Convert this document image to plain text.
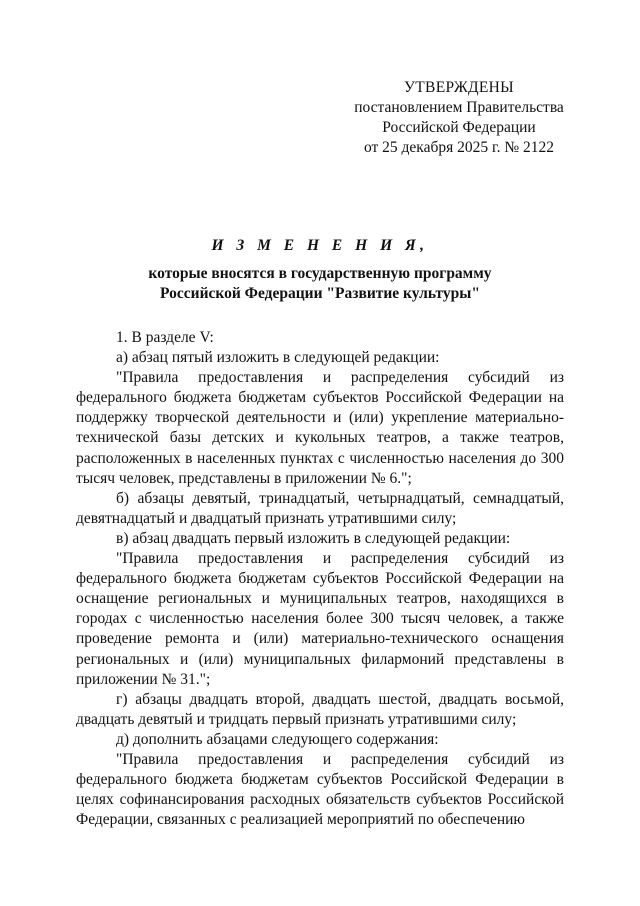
УТВЕРЖДЕНЫ
постановлением Правительства
Российской Федерации
от 25 декабря 2025 г. № 2122
И З М Е Н Е Н И Я,
которые вносятся в государственную программу
Российской Федерации "Развитие культуры"

1. В разделе V:

а) абзац пятый изложить в следующей редакции:

"Правила предоставления и распределения субсидий из федерального бюджета бюджетам субъектов Российской Федерации на поддержку творческой деятельности и (или) укрепление материально-технической базы детских и кукольных театров, а также театров, расположенных в населенных пунктах с численностью населения до 300 тысяч человек, представлены в приложении № 6.";

б) абзацы девятый, тринадцатый, четырнадцатый, семнадцатый, девятнадцатый и двадцатый признать утратившими силу;

в) абзац двадцать первый изложить в следующей редакции:

"Правила предоставления и распределения субсидий из федерального бюджета бюджетам субъектов Российской Федерации на оснащение региональных и муниципальных театров, находящихся в городах с численностью населения более 300 тысяч человек, а также проведение ремонта и (или) материально-технического оснащения региональных и (или) муниципальных филармоний представлены в приложении № 31.";

г) абзацы двадцать второй, двадцать шестой, двадцать восьмой, двадцать девятый и тридцать первый признать утратившими силу;

д) дополнить абзацами следующего содержания:

"Правила предоставления и распределения субсидий из федерального бюджета бюджетам субъектов Российской Федерации в целях софинансирования расходных обязательств субъектов Российской Федерации, связанных с реализацией мероприятий по обеспечению
